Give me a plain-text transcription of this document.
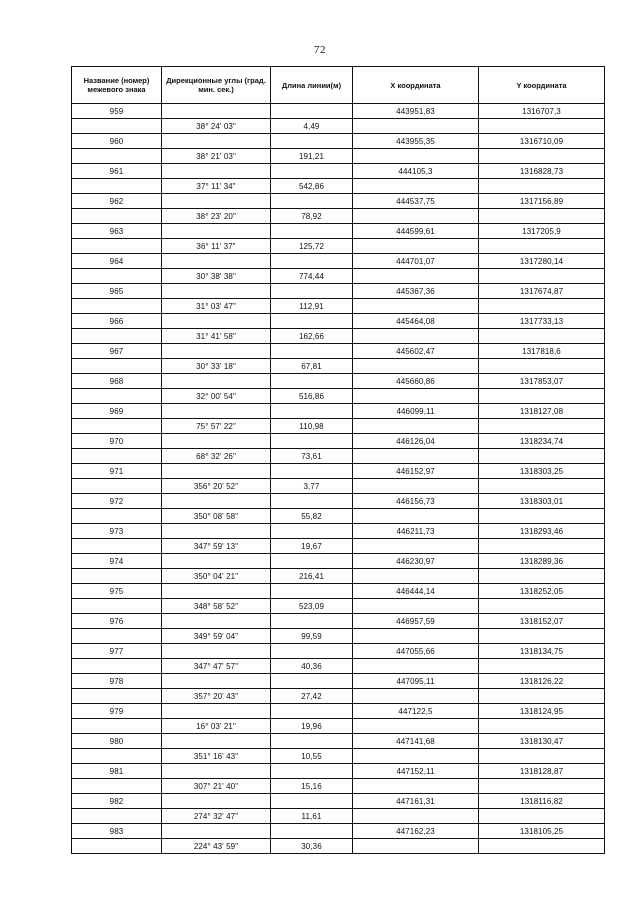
72
Название (номер) межевого знака	Дирекционные углы (град. мин. сек.)	Длина линии(м)	X координата	Y координата
959			443951,83	1316707,3
	38° 24' 03"	4,49		
960			443955,35	1316710,09
	38° 21' 03"	191,21		
961			444105,3	1316828,73
	37° 11' 34"	542,86		
962			444537,75	1317156,89
	38° 23' 20"	78,92		
963			444599,61	1317205,9
	36° 11' 37"	125,72		
964			444701,07	1317280,14
	30° 38' 38"	774,44		
965			445367,36	1317674,87
	31° 03' 47"	112,91		
966			445464,08	1317733,13
	31° 41' 58"	162,66		
967			445602,47	1317818,6
	30° 33' 18"	67,81		
968			445660,86	1317853,07
	32° 00' 54"	516,86		
969			446099,11	1318127,08
	75° 57' 22"	110,98		
970			446126,04	1318234,74
	68° 32' 26"	73,61		
971			446152,97	1318303,25
	356° 20' 52"	3,77		
972			446156,73	1318303,01
	350° 08' 58"	55,82		
973			446211,73	1318293,46
	347° 59' 13"	19,67		
974			446230,97	1318289,36
	350° 04' 21"	216,41		
975			446444,14	1318252,05
	348° 58' 52"	523,09		
976			446957,59	1318152,07
	349° 59' 04"	99,59		
977			447055,66	1318134,75
	347° 47' 57"	40,36		
978			447095,11	1318126,22
	357° 20' 43"	27,42		
979			447122,5	1318124,95
	16° 03' 21"	19,96		
980			447141,68	1318130,47
	351° 16' 43"	10,55		
981			447152,11	1318128,87
	307° 21' 40"	15,16		
982			447161,31	1318116,82
	274° 32' 47"	11,61		
983			447162,23	1318105,25
	224° 43' 59"	30,36		
